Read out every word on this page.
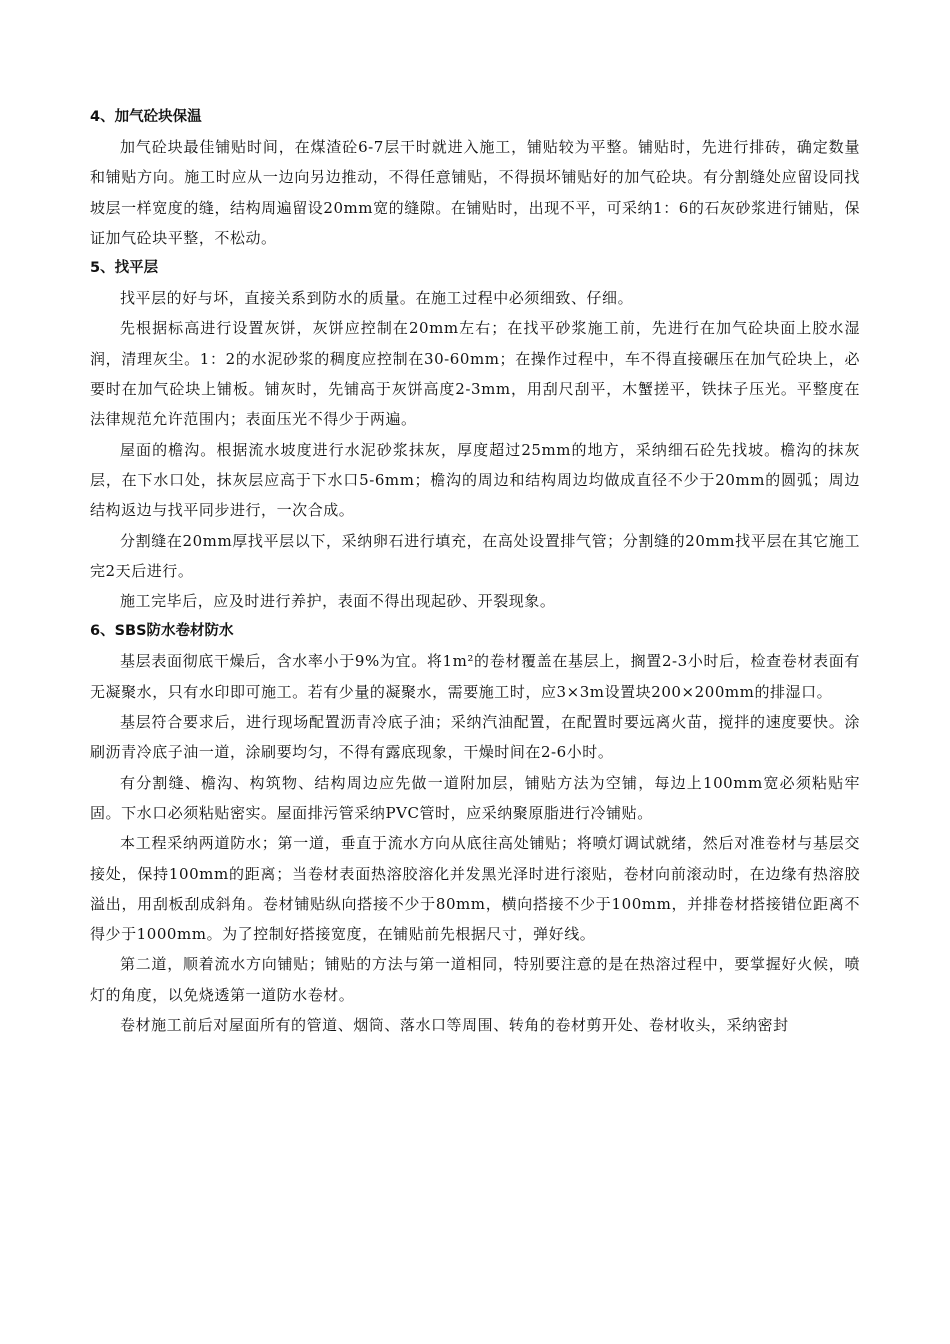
4、加气砼块保温

加气砼块最佳铺贴时间，在煤渣砼6-7层干时就进入施工，铺贴较为平整。铺贴时，先进行排砖，确定数量和铺贴方向。施工时应从一边向另边推动，不得任意铺贴，不得损坏铺贴好的加气砼块。有分割缝处应留设同找坡层一样宽度的缝，结构周遍留设20mm宽的缝隙。在铺贴时，出现不平，可采纳1：6的石灰砂浆进行铺贴，保证加气砼块平整，不松动。

5、找平层

找平层的好与坏，直接关系到防水的质量。在施工过程中必须细致、仔细。

先根据标高进行设置灰饼，灰饼应控制在20mm左右；在找平砂浆施工前，先进行在加气砼块面上胶水湿润，清理灰尘。1：2的水泥砂浆的稠度应控制在30-60mm；在操作过程中，车不得直接碾压在加气砼块上，必要时在加气砼块上铺板。铺灰时，先铺高于灰饼高度2-3mm，用刮尺刮平，木蟹搓平，铁抹子压光。平整度在法律规范允许范围内；表面压光不得少于两遍。

屋面的檐沟。根据流水坡度进行水泥砂浆抹灰，厚度超过25mm的地方，采纳细石砼先找坡。檐沟的抹灰层，在下水口处，抹灰层应高于下水口5-6mm；檐沟的周边和结构周边均做成直径不少于20mm的圆弧；周边结构返边与找平同步进行，一次合成。

分割缝在20mm厚找平层以下，采纳卵石进行填充，在高处设置排气管；分割缝的20mm找平层在其它施工完2天后进行。

施工完毕后，应及时进行养护，表面不得出现起砂、开裂现象。

6、SBS防水卷材防水

基层表面彻底干燥后，含水率小于9%为宜。将1m²的卷材覆盖在基层上，搁置2-3小时后，检查卷材表面有无凝聚水，只有水印即可施工。若有少量的凝聚水，需要施工时，应3×3m设置块200×200mm的排湿口。

基层符合要求后，进行现场配置沥青冷底子油；采纳汽油配置，在配置时要远离火苗，搅拌的速度要快。涂刷沥青冷底子油一道，涂刷要均匀，不得有露底现象，干燥时间在2-6小时。

有分割缝、檐沟、构筑物、结构周边应先做一道附加层，铺贴方法为空铺，每边上100mm宽必须粘贴牢固。下水口必须粘贴密实。屋面排污管采纳PVC管时，应采纳聚原脂进行冷铺贴。

本工程采纳两道防水；第一道，垂直于流水方向从底往高处铺贴；将喷灯调试就绪，然后对准卷材与基层交接处，保持100mm的距离；当卷材表面热溶胶溶化并发黑光泽时进行滚贴，卷材向前滚动时，在边缘有热溶胶溢出，用刮板刮成斜角。卷材铺贴纵向搭接不少于80mm，横向搭接不少于100mm，并排卷材搭接错位距离不得少于1000mm。为了控制好搭接宽度，在铺贴前先根据尺寸，弹好线。

第二道，顺着流水方向铺贴；铺贴的方法与第一道相同，特别要注意的是在热溶过程中，要掌握好火候，喷灯的角度，以免烧透第一道防水卷材。

卷材施工前后对屋面所有的管道、烟筒、落水口等周围、转角的卷材剪开处、卷材收头，采纳密封
